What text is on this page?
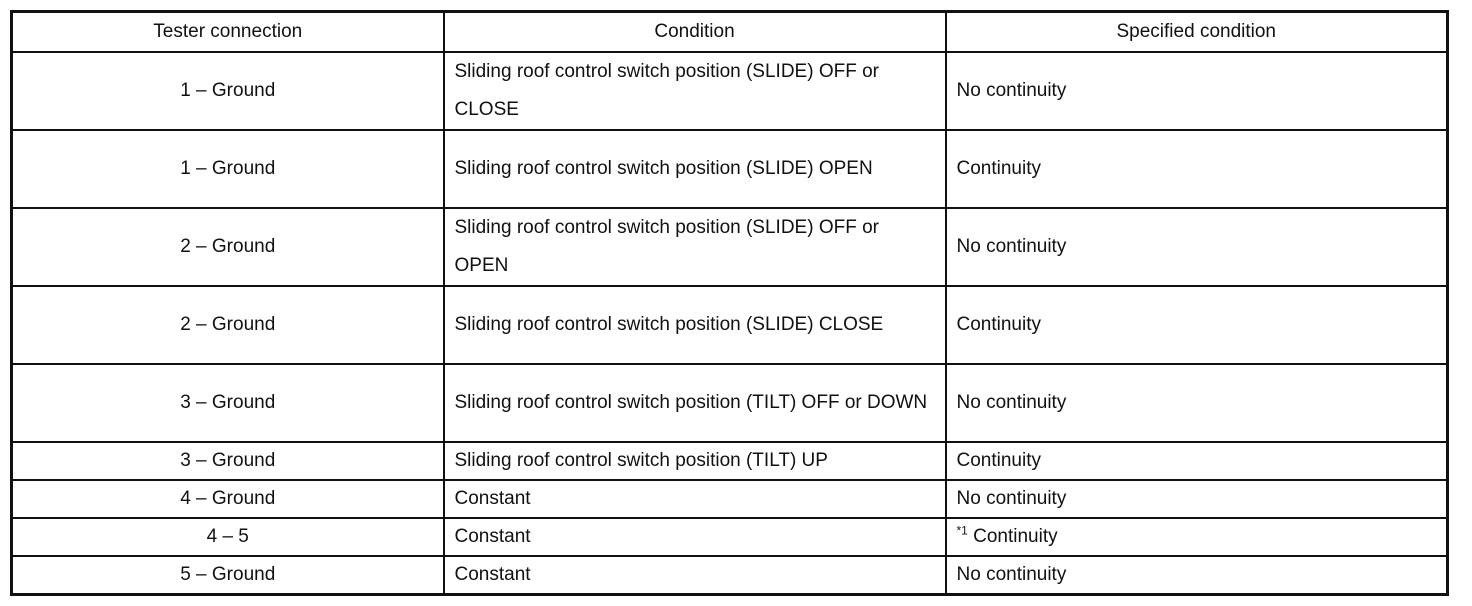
Tester connection	Condition	Specified condition
1 – Ground	Sliding roof control switch position (SLIDE) OFF or CLOSE	No continuity
1 – Ground	Sliding roof control switch position (SLIDE) OPEN	Continuity
2 – Ground	Sliding roof control switch position (SLIDE) OFF or OPEN	No continuity
2 – Ground	Sliding roof control switch position (SLIDE) CLOSE	Continuity
3 – Ground	Sliding roof control switch position (TILT) OFF or DOWN	No continuity
3 – Ground	Sliding roof control switch position (TILT) UP	Continuity
4 – Ground	Constant	No continuity
4 – 5	Constant	$^{*1}$ Continuity
5 – Ground	Constant	No continuity
